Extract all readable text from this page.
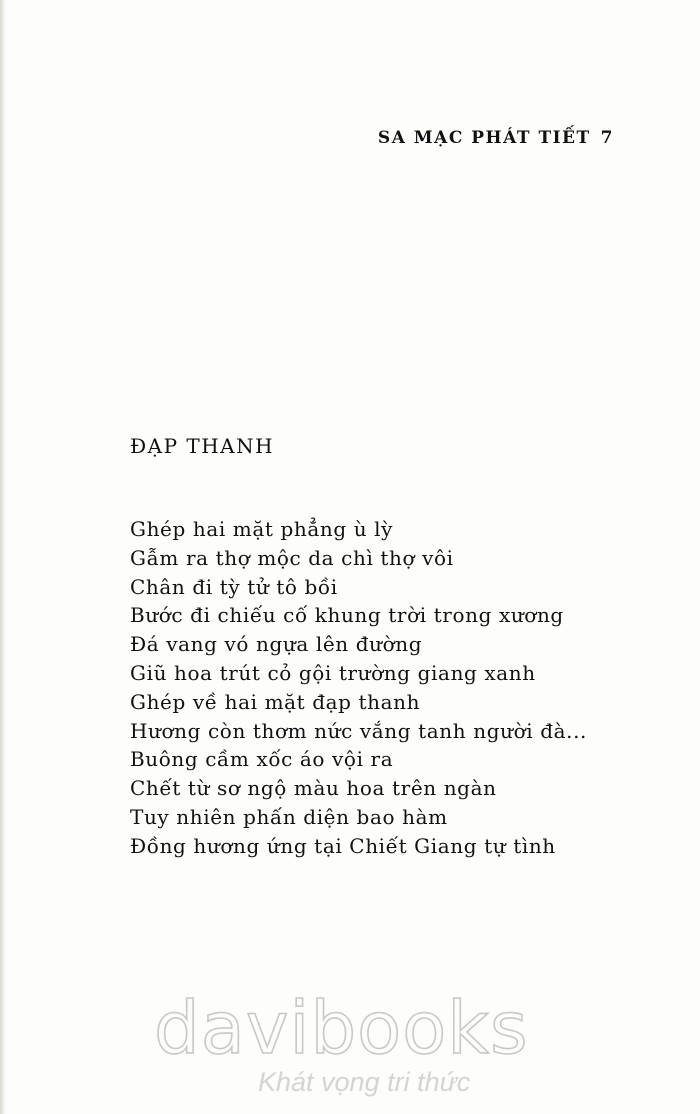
SA MẠC PHÁT TIẾT 7
ĐẠP THANH
Ghép hai mặt phẳng ù lỳ
Gẫm ra thợ mộc da chì thợ vôi
Chân đi tỳ tử tô bồi
Bước đi chiếu cố khung trời trong xương
Đá vang vó ngựa lên đường
Giũ hoa trút cỏ gội trường giang xanh
Ghép về hai mặt đạp thanh
Hương còn thơm nức vắng tanh người đà...
Buông cầm xốc áo vội ra
Chết từ sơ ngộ màu hoa trên ngàn
Tuy nhiên phấn diện bao hàm
Đồng hương ứng tại Chiết Giang tự tình
davibooks
Khát vọng tri thức
